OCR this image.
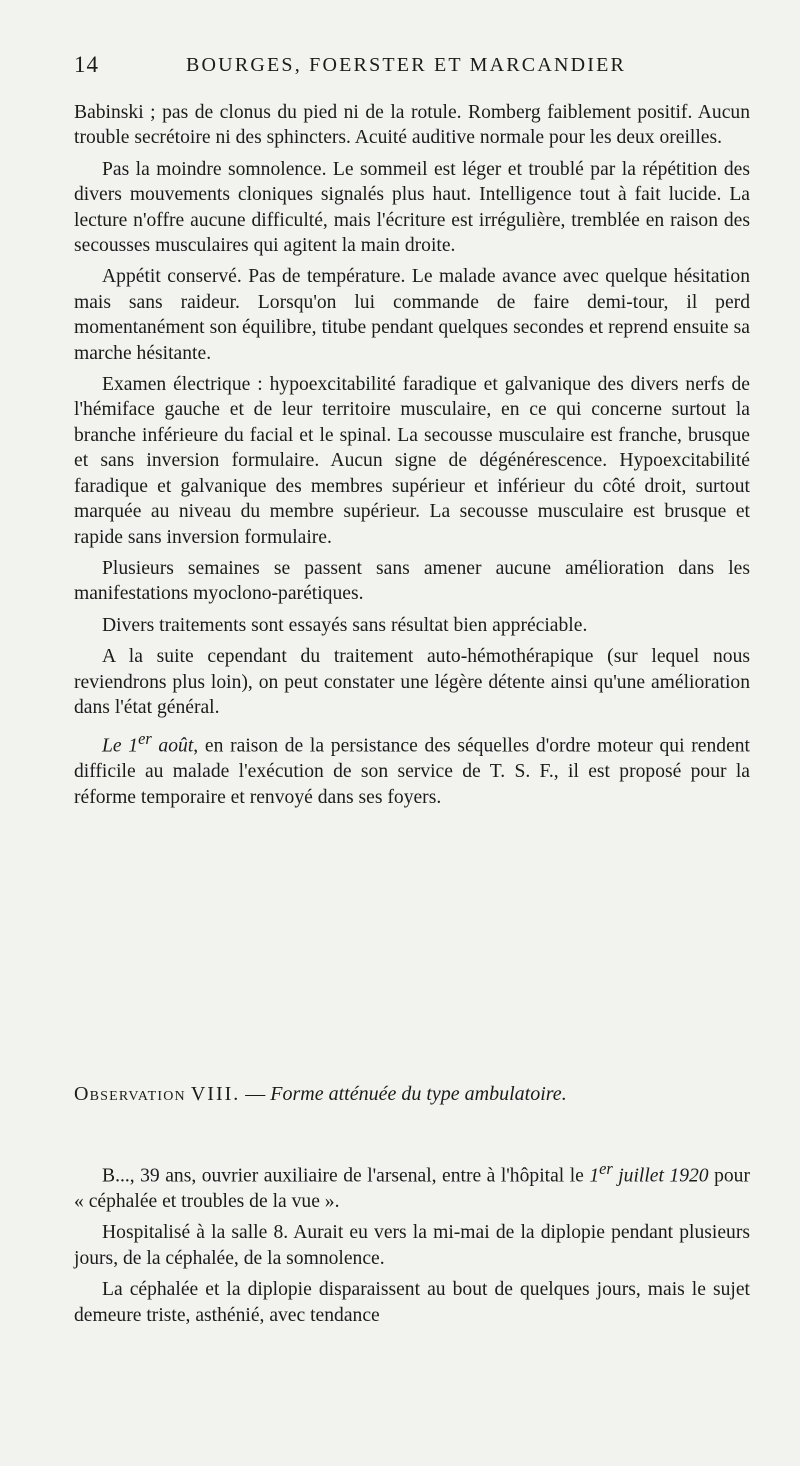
14	BOURGES, FOERSTER ET MARCANDIER

Babinski ; pas de clonus du pied ni de la rotule. Romberg faiblement positif. Aucun trouble secrétoire ni des sphincters. Acuité auditive normale pour les deux oreilles.

Pas la moindre somnolence. Le sommeil est léger et troublé par la répétition des divers mouvements cloniques signalés plus haut. Intelligence tout à fait lucide. La lecture n'offre aucune difficulté, mais l'écriture est irrégulière, tremblée en raison des secousses musculaires qui agitent la main droite.

Appétit conservé. Pas de température. Le malade avance avec quelque hésitation mais sans raideur. Lorsqu'on lui commande de faire demi-tour, il perd momentanément son équilibre, titube pendant quelques secondes et reprend ensuite sa marche hésitante.

Examen électrique : hypoexcitabilité faradique et galvanique des divers nerfs de l'hémiface gauche et de leur territoire musculaire, en ce qui concerne surtout la branche inférieure du facial et le spinal. La secousse musculaire est franche, brusque et sans inversion formulaire. Aucun signe de dégénérescence. Hypoexcitabilité faradique et galvanique des membres supérieur et inférieur du côté droit, surtout marquée au niveau du membre supérieur. La secousse musculaire est brusque et rapide sans inversion formulaire.

Plusieurs semaines se passent sans amener aucune amélioration dans les manifestations myoclono-parétiques.

Divers traitements sont essayés sans résultat bien appréciable.

A la suite cependant du traitement auto-hémothérapique (sur lequel nous reviendrons plus loin), on peut constater une légère détente ainsi qu'une amélioration dans l'état général.

Le 1er août, en raison de la persistance des séquelles d'ordre moteur qui rendent difficile au malade l'exécution de son service de T. S. F., il est proposé pour la réforme temporaire et renvoyé dans ses foyers.

Observation VIII. — Forme atténuée du type ambulatoire.

B..., 39 ans, ouvrier auxiliaire de l'arsenal, entre à l'hôpital le 1er juillet 1920 pour « céphalée et troubles de la vue ».

Hospitalisé à la salle 8. Aurait eu vers la mi-mai de la diplopie pendant plusieurs jours, de la céphalée, de la somnolence.

La céphalée et la diplopie disparaissent au bout de quelques jours, mais le sujet demeure triste, asthénié, avec tendance
